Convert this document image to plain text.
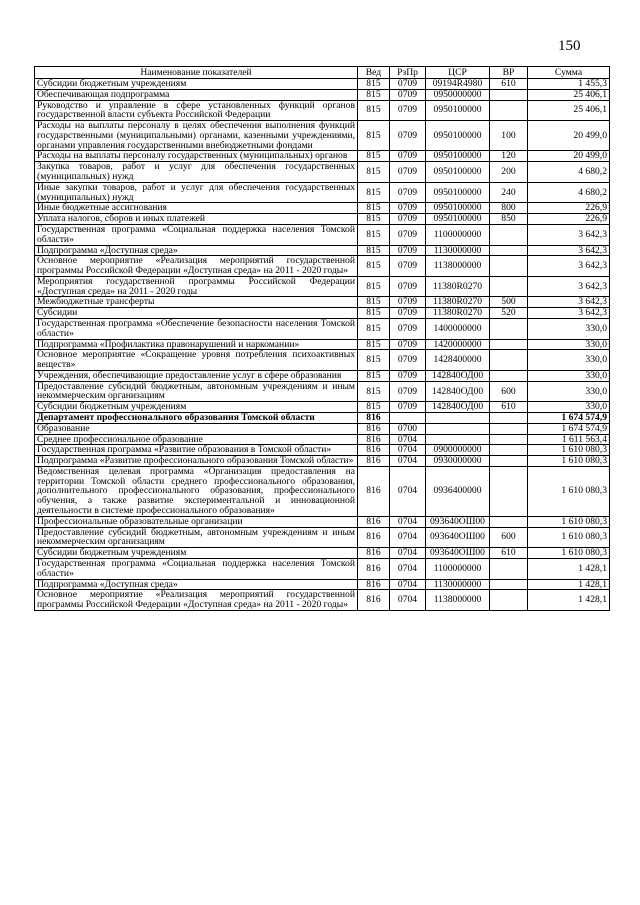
150
Наименование показателей	Вед	РзПр	ЦСР	ВР	Сумма
Субсидии бюджетным учреждениям	815	0709	09194R4980	610	1 455,3
Обеспечивающая подпрограмма	815	0709	0950000000		25 406,1
Руководство и управление в сфере установленных функций органов государственной власти субъекта Российской Федерации	815	0709	0950100000		25 406,1
Расходы на выплаты персоналу в целях обеспечения выполнения функций государственными (муниципальными) органами, казенными учреждениями, органами управления государственными внебюджетными фондами	815	0709	0950100000	100	20 499,0
Расходы на выплаты персоналу государственных (муниципальных) органов	815	0709	0950100000	120	20 499,0
Закупка товаров, работ и услуг для обеспечения государственных (муниципальных) нужд	815	0709	0950100000	200	4 680,2
Иные закупки товаров, работ и услуг для обеспечения государственных (муниципальных) нужд	815	0709	0950100000	240	4 680,2
Иные бюджетные ассигнования	815	0709	0950100000	800	226,9
Уплата налогов, сборов и иных платежей	815	0709	0950100000	850	226,9
Государственная программа «Социальная поддержка населения Томской области»	815	0709	1100000000		3 642,3
Подпрограмма «Доступная среда»	815	0709	1130000000		3 642,3
Основное мероприятие «Реализация мероприятий государственной программы Российской Федерации «Доступная среда» на 2011 - 2020 годы»	815	0709	1138000000		3 642,3
Мероприятия государственной программы Российской Федерации «Доступная среда» на 2011 - 2020 годы	815	0709	11380R0270		3 642,3
Межбюджетные трансферты	815	0709	11380R0270	500	3 642,3
Субсидии	815	0709	11380R0270	520	3 642,3
Государственная программа «Обеспечение безопасности населения Томской области»	815	0709	1400000000		330,0
Подпрограмма «Профилактика правонарушений и наркомании»	815	0709	1420000000		330,0
Основное мероприятие «Сокращение уровня потребления психоактивных веществ»	815	0709	1428400000		330,0
Учреждения, обеспечивающие предоставление услуг в сфере образования	815	0709	142840ОД00		330,0
Предоставление субсидий бюджетным, автономным учреждениям и иным некоммерческим организациям	815	0709	142840ОД00	600	330,0
Субсидии бюджетным учреждениям	815	0709	142840ОД00	610	330,0
Департамент профессионального образования Томской области	816				1 674 574,9
Образование	816	0700			1 674 574,9
Среднее профессиональное образование	816	0704			1 611 563,4
Государственная программа «Развитие образования в Томской области»	816	0704	0900000000		1 610 080,3
Подпрограмма «Развитие профессионального образования Томской области»	816	0704	0930000000		1 610 080,3
Ведомственная целевая программа «Организация предоставления на территории Томской области среднего профессионального образования, дополнительного профессионального образования, профессионального обучения, а также развитие экспериментальной и инновационной деятельности в системе профессионального образования»	816	0704	0936400000		1 610 080,3
Профессиональные образовательные организации	816	0704	093640ОШ00		1 610 080,3
Предоставление субсидий бюджетным, автономным учреждениям и иным некоммерческим организациям	816	0704	093640ОШ00	600	1 610 080,3
Субсидии бюджетным учреждениям	816	0704	093640ОШ00	610	1 610 080,3
Государственная программа «Социальная поддержка населения Томской области»	816	0704	1100000000		1 428,1
Подпрограмма «Доступная среда»	816	0704	1130000000		1 428,1
Основное мероприятие «Реализация мероприятий государственной программы Российской Федерации «Доступная среда» на 2011 - 2020 годы»	816	0704	1138000000		1 428,1
